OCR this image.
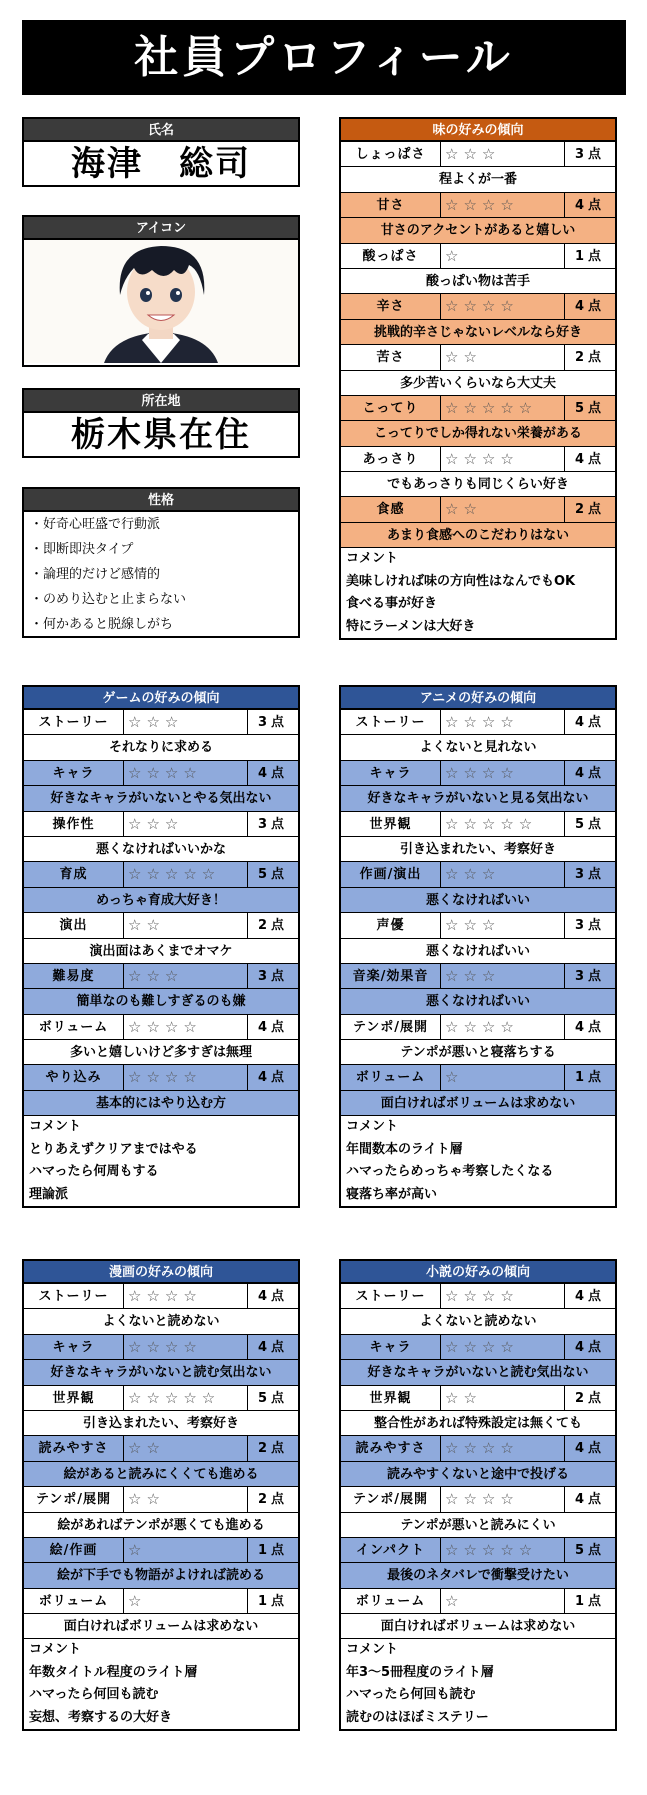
社員プロフィール
氏名
海津　総司
アイコン
所在地
栃木県在住
性格
・好奇心旺盛で行動派
・即断即決タイプ
・論理的だけど感情的
・のめり込むと止まらない
・何かあると脱線しがち
味の好みの傾向
しょっぱさ	☆☆☆	3点
程よくが一番
甘さ	☆☆☆☆	4点
甘さのアクセントがあると嬉しい
酸っぱさ	☆	1点
酸っぱい物は苦手
辛さ	☆☆☆☆	4点
挑戦的辛さじゃないレベルなら好き
苦さ	☆☆	2点
多少苦いくらいなら大丈夫
こってり	☆☆☆☆☆	5点
こってりでしか得れない栄養がある
あっさり	☆☆☆☆	4点
でもあっさりも同じくらい好き
食感	☆☆	2点
あまり食感へのこだわりはない
コメント
美味しければ味の方向性はなんでもOK
食べる事が好き
特にラーメンは大好き
ゲームの好みの傾向
ストーリー	☆☆☆	3点
それなりに求める
キャラ	☆☆☆☆	4点
好きなキャラがいないとやる気出ない
操作性	☆☆☆	3点
悪くなければいいかな
育成	☆☆☆☆☆	5点
めっちゃ育成大好き！
演出	☆☆	2点
演出面はあくまでオマケ
難易度	☆☆☆	3点
簡単なのも難しすぎるのも嫌
ボリューム	☆☆☆☆	4点
多いと嬉しいけど多すぎは無理
やり込み	☆☆☆☆	4点
基本的にはやり込む方
コメント
とりあえずクリアまではやる
ハマったら何周もする
理論派
アニメの好みの傾向
ストーリー	☆☆☆☆	4点
よくないと見れない
キャラ	☆☆☆☆	4点
好きなキャラがいないと見る気出ない
世界観	☆☆☆☆☆	5点
引き込まれたい、考察好き
作画/演出	☆☆☆	3点
悪くなければいい
声優	☆☆☆	3点
悪くなければいい
音楽/効果音	☆☆☆	3点
悪くなければいい
テンポ/展開	☆☆☆☆	4点
テンポが悪いと寝落ちする
ボリューム	☆	1点
面白ければボリュームは求めない
コメント
年間数本のライト層
ハマったらめっちゃ考察したくなる
寝落ち率が高い
漫画の好みの傾向
ストーリー	☆☆☆☆	4点
よくないと読めない
キャラ	☆☆☆☆	4点
好きなキャラがいないと読む気出ない
世界観	☆☆☆☆☆	5点
引き込まれたい、考察好き
読みやすさ	☆☆	2点
絵があると読みにくくても進める
テンポ/展開	☆☆	2点
絵があればテンポが悪くても進める
絵/作画	☆	1点
絵が下手でも物語がよければ読める
ボリューム	☆	1点
面白ければボリュームは求めない
コメント
年数タイトル程度のライト層
ハマったら何回も読む
妄想、考察するの大好き
小説の好みの傾向
ストーリー	☆☆☆☆	4点
よくないと読めない
キャラ	☆☆☆☆	4点
好きなキャラがいないと読む気出ない
世界観	☆☆	2点
整合性があれば特殊設定は無くても
読みやすさ	☆☆☆☆	4点
読みやすくないと途中で投げる
テンポ/展開	☆☆☆☆	4点
テンポが悪いと読みにくい
インパクト	☆☆☆☆☆	5点
最後のネタバレで衝撃受けたい
ボリューム	☆	1点
面白ければボリュームは求めない
コメント
年3～5冊程度のライト層
ハマったら何回も読む
読むのはほぼミステリー
